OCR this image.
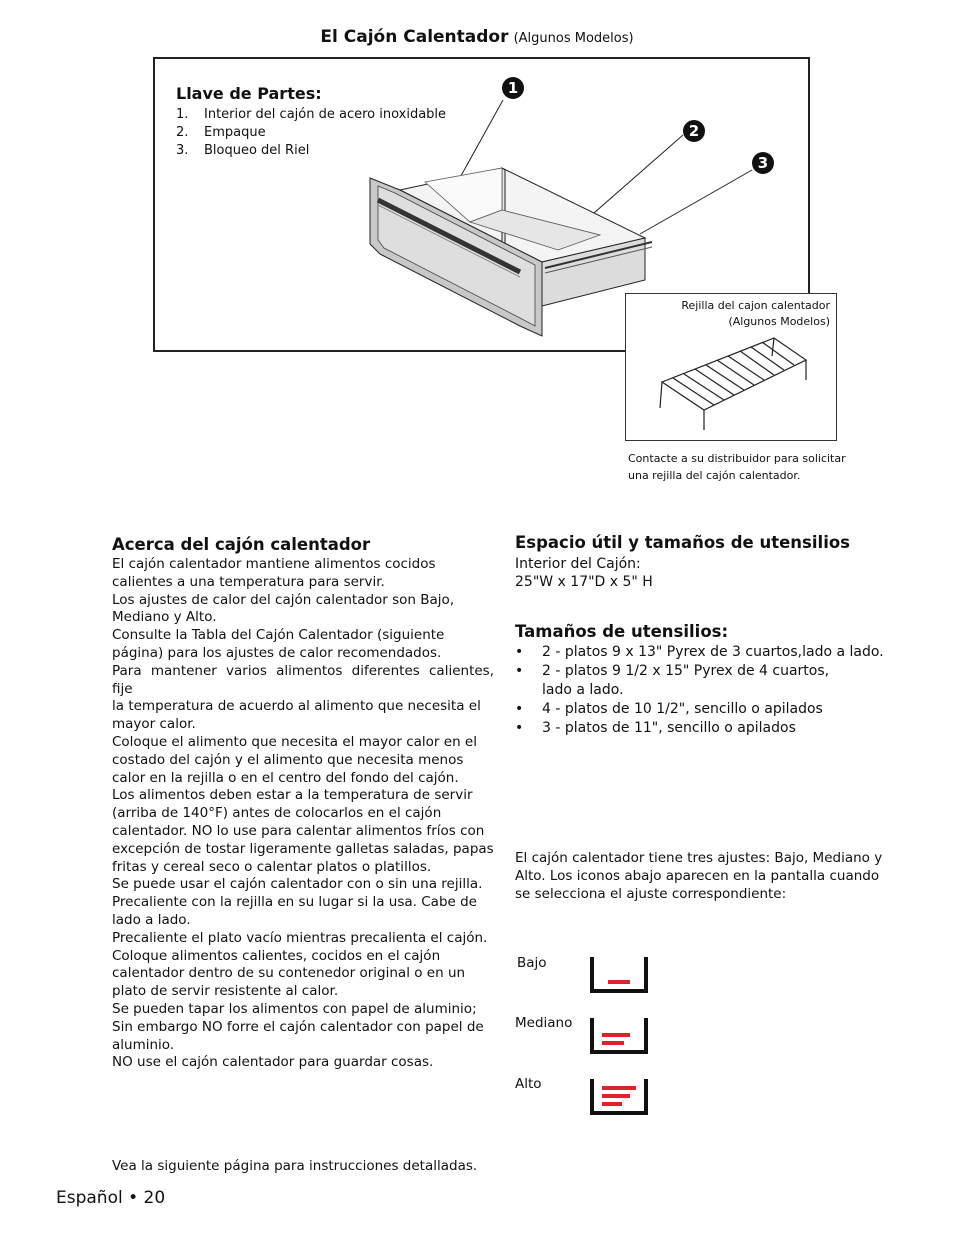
El Cajón Calentador (Algunos Modelos)
Llave de Partes:
1. Interior del cajón de acero inoxidable
2. Empaque
3. Bloqueo del Riel
1
2
3
Rejilla del cajon calentador
(Algunos Modelos)
Contacte a su distribuidor para solicitar
una rejilla del cajón calentador.
Acerca del cajón calentador
El cajón calentador mantiene alimentos cocidos
calientes a una temperatura para servir.
Los ajustes de calor del cajón calentador son Bajo,
Mediano y Alto.
Consulte la Tabla del Cajón Calentador (siguiente
página) para los ajustes de calor recomendados.
Para mantener varios alimentos diferentes calientes, fije
la temperatura de acuerdo al alimento que necesita el
mayor calor.
Coloque el alimento que necesita el mayor calor en el
costado del cajón y el alimento que necesita menos
calor en la rejilla o en el centro del fondo del cajón.
Los alimentos deben estar a la temperatura de servir
(arriba de 140°F) antes de colocarlos en el cajón
calentador. NO lo use para calentar alimentos fríos con
excepción de tostar ligeramente galletas saladas, papas
fritas y cereal seco o calentar platos o platillos.
Se puede usar el cajón calentador con o sin una rejilla.
Precaliente con la rejilla en su lugar si la usa. Cabe de
lado a lado.
Precaliente el plato vacío mientras precalienta el cajón.
Coloque alimentos calientes, cocidos en el cajón
calentador dentro de su contenedor original o en un
plato de servir resistente al calor.
Se pueden tapar los alimentos con papel de aluminio;
Sin embargo NO forre el cajón calentador con papel de
aluminio.
NO use el cajón calentador para guardar cosas.
Espacio útil y tamaños de utensilios
Interior del Cajón:
25"W x 17"D x 5" H
Tamaños de utensilios:
•	2 - platos 9 x 13" Pyrex de 3 cuartos,lado a lado.
•	2 - platos 9 1/2 x 15" Pyrex de 4 cuartos,
lado a lado.
•	4 - platos de 10 1/2", sencillo o apilados
•	3 - platos de 11", sencillo o apilados
El cajón calentador tiene tres ajustes: Bajo, Mediano y
Alto. Los iconos abajo aparecen en la pantalla cuando
se selecciona el ajuste correspondiente:
Bajo
Mediano
Alto
Vea la siguiente página para instrucciones detalladas.
Español • 20
